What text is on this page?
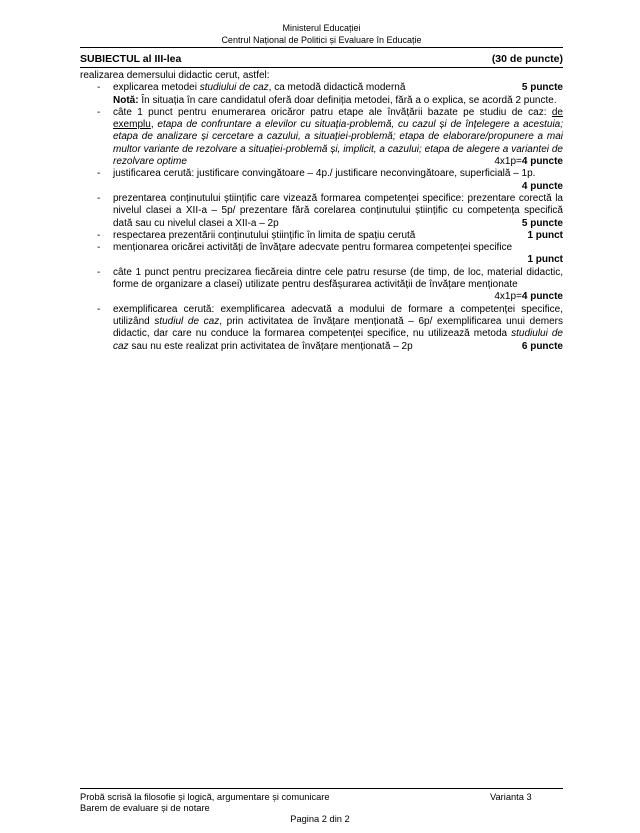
Ministerul Educației
Centrul Național de Politici și Evaluare în Educație
SUBIECTUL al III-lea	(30 de puncte)
realizarea demersului didactic cerut, astfel:
-	explicarea metodei studiului de caz, ca metodă didactică modernă	5 puncte
Notă: În situația în care candidatul oferă doar definiția metodei, fără a o explica, se acordă 2 puncte.
-	câte 1 punct pentru enumerarea oricăror patru etape ale învățării bazate pe studiu de caz: de exemplu, etapa de confruntare a elevilor cu situația-problemă, cu cazul și de înțelegere a acestuia; etapa de analizare și cercetare a cazului, a situației-problemă; etapa de elaborare/propunere a mai multor variante de rezolvare a situației-problemă și, implicit, a cazului; etapa de alegere a variantei de rezolvare optime	4x1p=4 puncte
-	justificarea cerută: justificare convingătoare – 4p./ justificare neconvingătoare, superficială – 1p.
4 puncte
-	prezentarea conținutului științific care vizează formarea competenței specifice: prezentare corectă la nivelul clasei a XII-a – 5p/ prezentare fără corelarea conținutului științific cu competența specifică dată sau cu nivelul clasei a XII-a – 2p	5 puncte
-	respectarea prezentării conținutului științific în limita de spațiu cerută	1 punct
-	menționarea oricărei activități de învățare adecvate pentru formarea competenței specifice
1 punct
-	câte 1 punct pentru precizarea fiecăreia dintre cele patru resurse (de timp, de loc, material didactic, forme de organizare a clasei) utilizate pentru desfășurarea activității de învățare menționate
4x1p=4 puncte
-	exemplificarea cerută: exemplificarea adecvată a modului de formare a competenței specifice, utilizând studiul de caz, prin activitatea de învățare menționată – 6p/ exemplificarea unui demers didactic, dar care nu conduce la formarea competenței specifice, nu utilizează metoda studiului de caz sau nu este realizat prin activitatea de învățare menționată – 2p	6 puncte
Probă scrisă la filosofie și logică, argumentare și comunicare
Barem de evaluare și de notare
Varianta 3
Pagina 2 din 2
